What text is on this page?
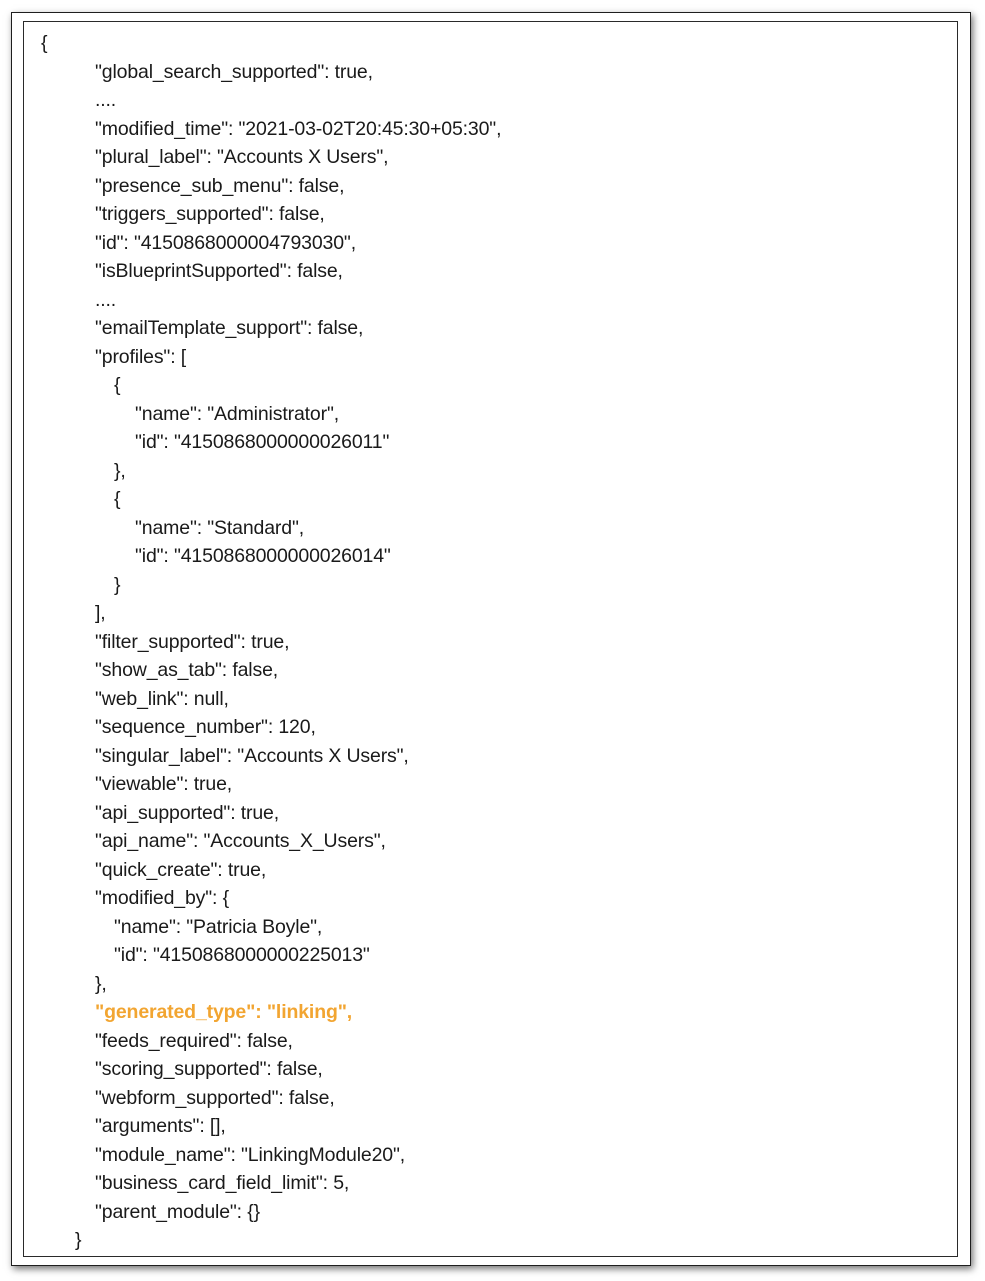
{
"global_search_supported": true,
....
"modified_time": "2021-03-02T20:45:30+05:30",
"plural_label": "Accounts X Users",
"presence_sub_menu": false,
"triggers_supported": false,
"id": "4150868000004793030",
"isBlueprintSupported": false,
....
"emailTemplate_support": false,
"profiles": [
{
"name": "Administrator",
"id": "4150868000000026011"
},
{
"name": "Standard",
"id": "4150868000000026014"
}
],
"filter_supported": true,
"show_as_tab": false,
"web_link": null,
"sequence_number": 120,
"singular_label": "Accounts X Users",
"viewable": true,
"api_supported": true,
"api_name": "Accounts_X_Users",
"quick_create": true,
"modified_by": {
"name": "Patricia Boyle",
"id": "4150868000000225013"
},
"generated_type": "linking",
"feeds_required": false,
"scoring_supported": false,
"webform_supported": false,
"arguments": [],
"module_name": "LinkingModule20",
"business_card_field_limit": 5,
"parent_module": {}
}
